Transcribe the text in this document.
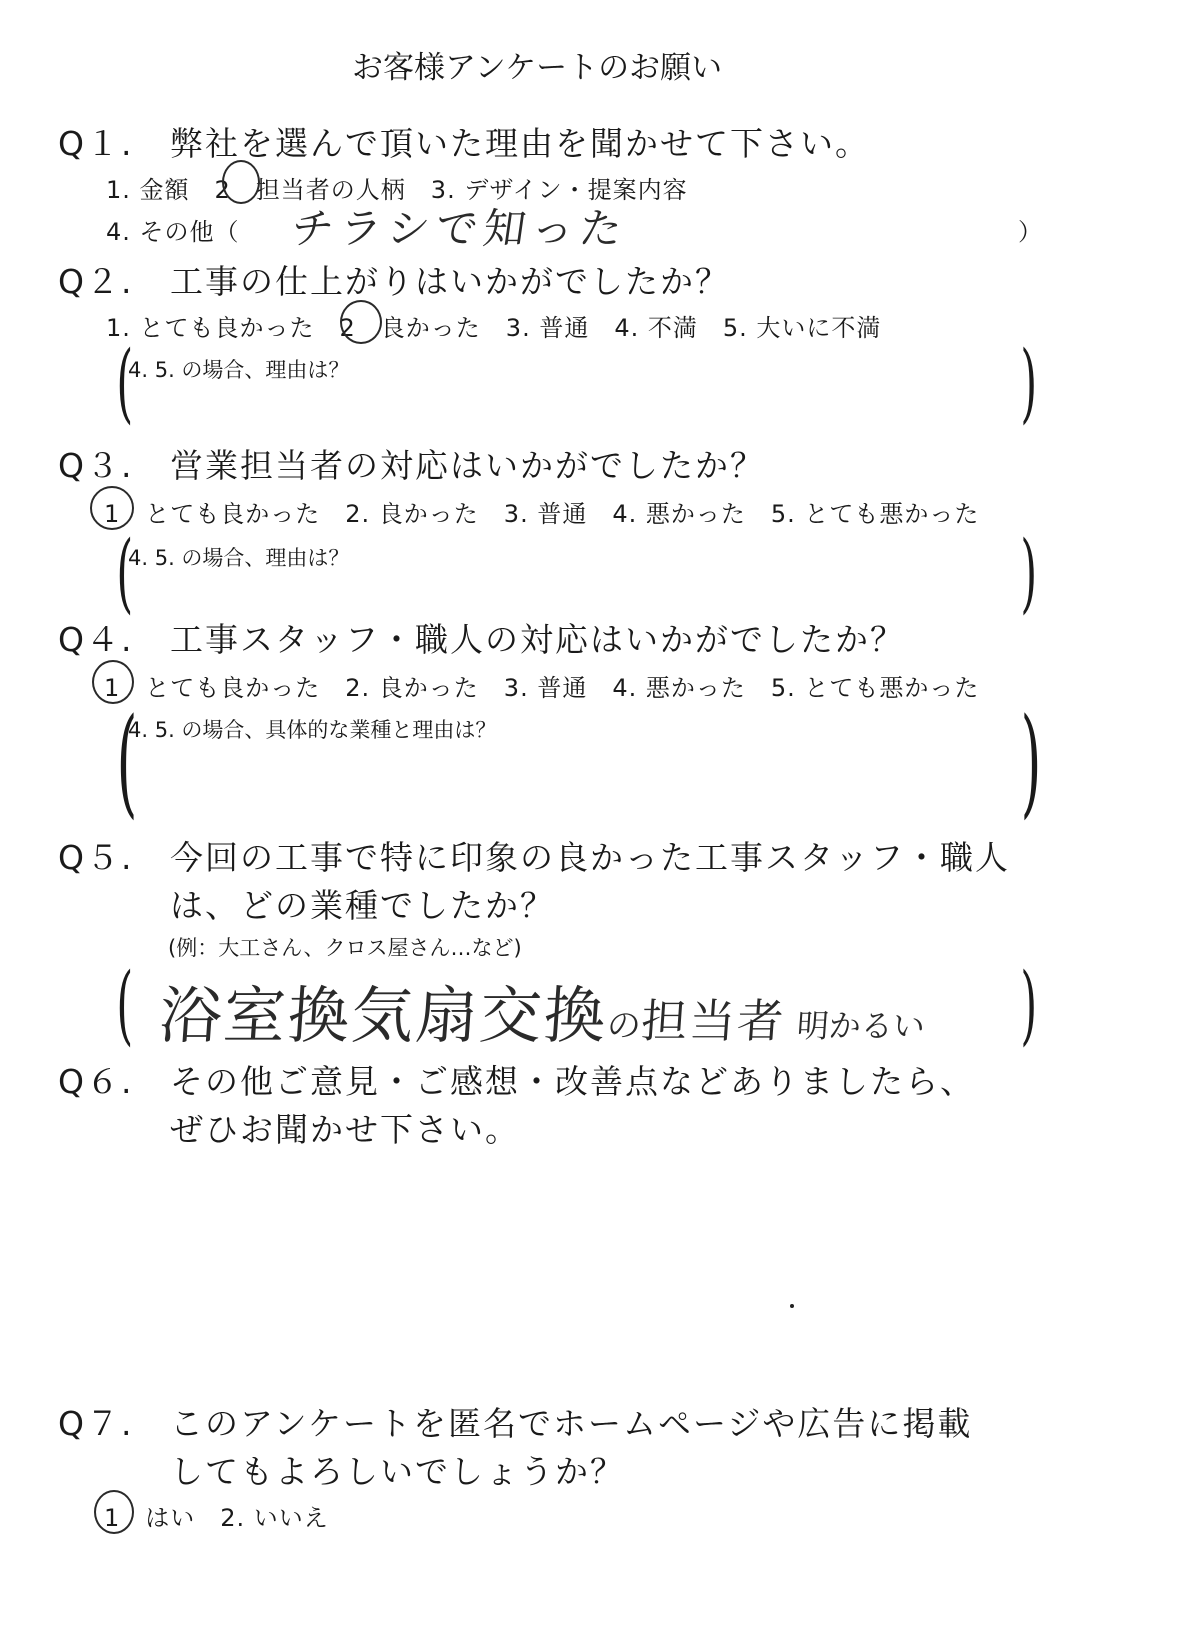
お客様アンケートのお願い
Q１. 弊社を選んで頂いた理由を聞かせて下さい。
1. 金額　2　担当者の人柄　3. デザイン・提案内容
4. その他（	）
チラシで知った
Q２. 工事の仕上がりはいかがでしたか？
1. とても良かった　2　良かった　3. 普通　4. 不満　5. 大いに不満
(
4. 5. の場合、理由は？	)
Q３. 営業担当者の対応はいかがでしたか？
1　とても良かった　2. 良かった　3. 普通　4. 悪かった　5. とても悪かった
(
4. 5. の場合、理由は？	)
Q４. 工事スタッフ・職人の対応はいかがでしたか？
1　とても良かった　2. 良かった　3. 普通　4. 悪かった　5. とても悪かった
(
4. 5. の場合、具体的な業種と理由は？	)
Q５. 今回の工事で特に印象の良かった工事スタッフ・職人
は、どの業種でしたか？
(例：大工さん、クロス屋さん…など)
( 浴室換気扇交換の担当者 明かるい )
Q６. その他ご意見・ご感想・改善点などありましたら、
ぜひお聞かせ下さい。
Q７. このアンケートを匿名でホームページや広告に掲載
してもよろしいでしょうか？
1　はい　2. いいえ
